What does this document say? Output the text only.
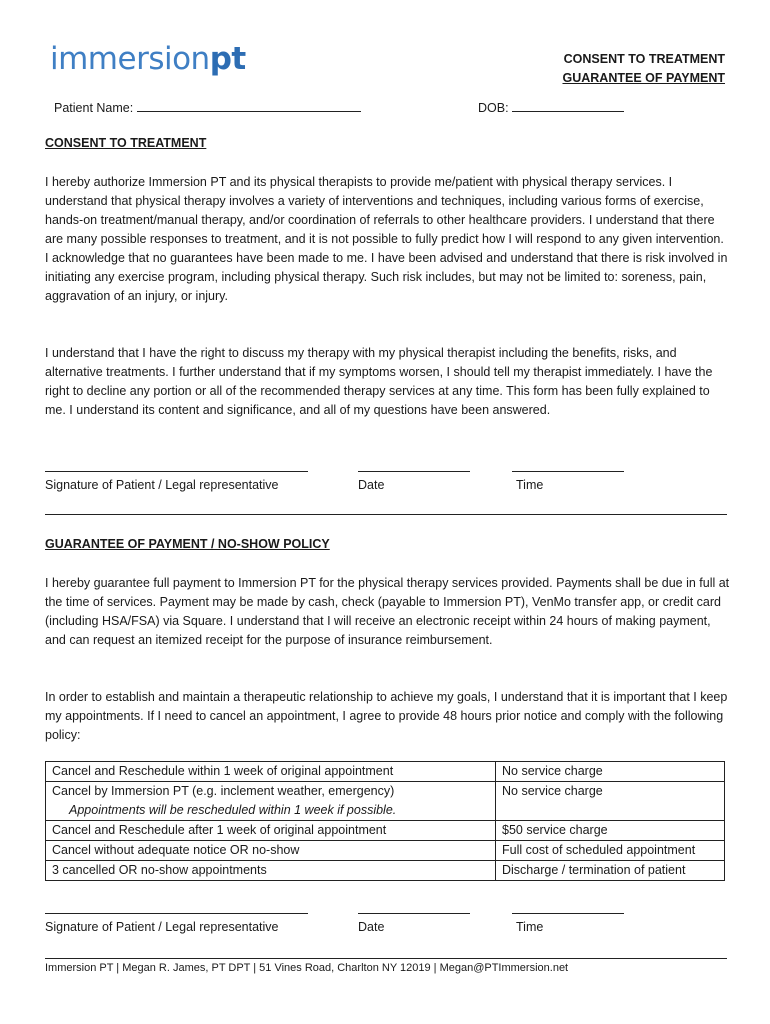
immersionpt	CONSENT TO TREATMENT
GUARANTEE OF PAYMENT
Patient Name:	DOB:
CONSENT TO TREATMENT
I hereby authorize Immersion PT and its physical therapists to provide me/patient with physical therapy services. I understand that physical therapy involves a variety of interventions and techniques, including various forms of exercise, hands-on treatment/manual therapy, and/or coordination of referrals to other healthcare providers. I understand that there are many possible responses to treatment, and it is not possible to fully predict how I will respond to any given intervention. I acknowledge that no guarantees have been made to me. I have been advised and understand that there is risk involved in initiating any exercise program, including physical therapy. Such risk includes, but may not be limited to: soreness, pain, aggravation of an injury, or injury.
I understand that I have the right to discuss my therapy with my physical therapist including the benefits, risks, and alternative treatments. I further understand that if my symptoms worsen, I should tell my therapist immediately. I have the right to decline any portion or all of the recommended therapy services at any time. This form has been fully explained to me. I understand its content and significance, and all of my questions have been answered.
Signature of Patient / Legal representative	Date	Time
GUARANTEE OF PAYMENT / NO-SHOW POLICY
I hereby guarantee full payment to Immersion PT for the physical therapy services provided. Payments shall be due in full at the time of services. Payment may be made by cash, check (payable to Immersion PT), VenMo transfer app, or credit card (including HSA/FSA) via Square. I understand that I will receive an electronic receipt within 24 hours of making payment, and can request an itemized receipt for the purpose of insurance reimbursement.
In order to establish and maintain a therapeutic relationship to achieve my goals, I understand that it is important that I keep my appointments. If I need to cancel an appointment, I agree to provide 48 hours prior notice and comply with the following policy:
Cancel and Reschedule within 1 week of original appointment	No service charge

Cancel by Immersion PT (e.g. inclement weather, emergency)
Appointments will be rescheduled within 1 week if possible.	No service charge
Cancel and Reschedule after 1 week of original appointment	$50 service charge
Cancel without adequate notice OR no-show	Full cost of scheduled appointment
3 cancelled OR no-show appointments	Discharge / termination of patient
Signature of Patient / Legal representative	Date	Time
Immersion PT | Megan R. James, PT DPT | 51 Vines Road, Charlton NY 12019 | Megan@PTImmersion.net
